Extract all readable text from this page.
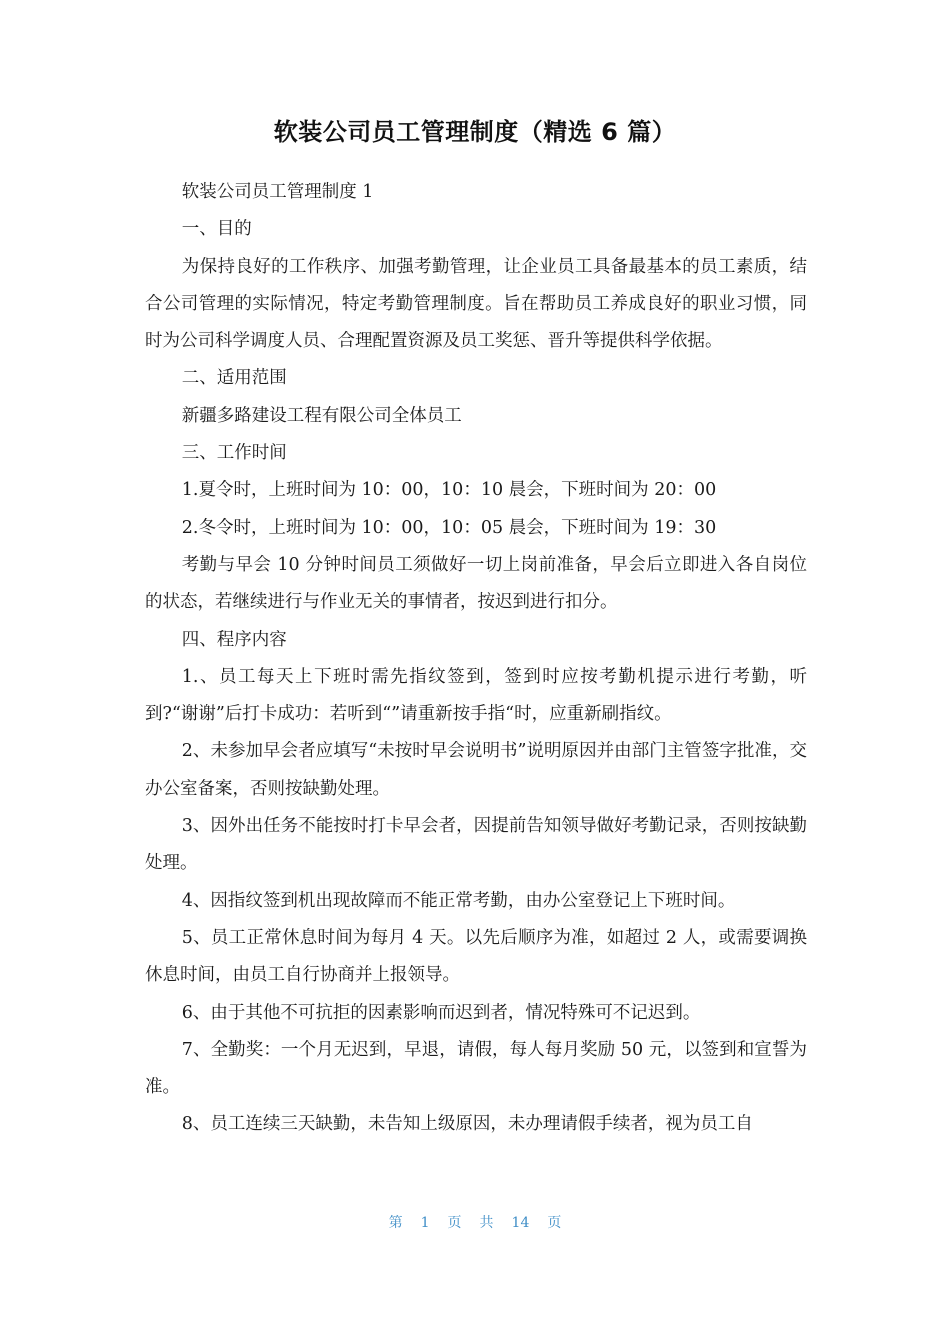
软装公司员工管理制度（精选 6 篇）

软装公司员工管理制度 1

一、目的

为保持良好的工作秩序、加强考勤管理，让企业员工具备最基本的员工素质，结合公司管理的实际情况，特定考勤管理制度。旨在帮助员工养成良好的职业习惯，同时为公司科学调度人员、合理配置资源及员工奖惩、晋升等提供科学依据。

二、适用范围

新疆多路建设工程有限公司全体员工

三、工作时间

1.夏令时，上班时间为 10：00，10：10 晨会，下班时间为 20：00

2.冬令时，上班时间为 10：00，10：05 晨会，下班时间为 19：30

考勤与早会 10 分钟时间员工须做好一切上岗前准备，早会后立即进入各自岗位的状态，若继续进行与作业无关的事情者，按迟到进行扣分。

四、程序内容

1.、员工每天上下班时需先指纹签到，签到时应按考勤机提示进行考勤，听到?“谢谢”后打卡成功：若听到“”请重新按手指“时，应重新刷指纹。

2、未参加早会者应填写“未按时早会说明书”说明原因并由部门主管签字批准，交办公室备案，否则按缺勤处理。

3、因外出任务不能按时打卡早会者，因提前告知领导做好考勤记录，否则按缺勤处理。

4、因指纹签到机出现故障而不能正常考勤，由办公室登记上下班时间。

5、员工正常休息时间为每月 4 天。以先后顺序为准，如超过 2 人，或需要调换休息时间，由员工自行协商并上报领导。

6、由于其他不可抗拒的因素影响而迟到者，情况特殊可不记迟到。

7、全勤奖：一个月无迟到，早退，请假，每人每月奖励 50 元，以签到和宣誓为准。

8、员工连续三天缺勤，未告知上级原因，未办理请假手续者，视为员工自

第 1 页 共 14 页
